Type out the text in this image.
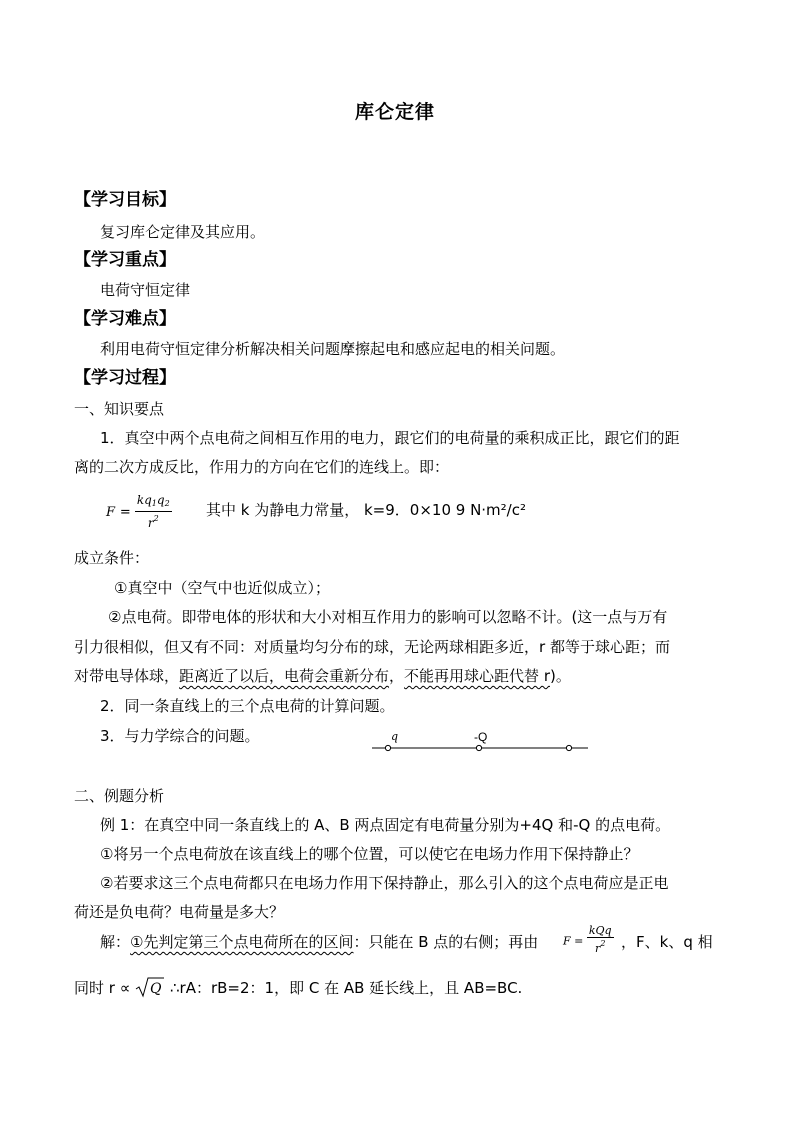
库仑定律
【学习目标】
复习库仑定律及其应用。
【学习重点】
电荷守恒定律
【学习难点】
利用电荷守恒定律分析解决相关问题摩擦起电和感应起电的相关问题。
【学习过程】
一、知识要点
1．真空中两个点电荷之间相互作用的电力，跟它们的电荷量的乘积成正比，跟它们的距
离的二次方成反比，作用力的方向在它们的连线上。即：
$F = \frac{kq_1q_2}{r^2}$ 其中 k 为静电力常量， k=9．0×10 9 N·m²/c²
成立条件：
①真空中（空气中也近似成立）；
②点电荷。即带电体的形状和大小对相互作用力的影响可以忽略不计。(这一点与万有
引力很相似，但又有不同：对质量均匀分布的球，无论两球相距多近，r 都等于球心距；而
对带电导体球，距离近了以后，电荷会重新分布，不能再用球心距代替 r)。
2．同一条直线上的三个点电荷的计算问题。
3．与力学综合的问题。	q	-Q
二、例题分析
例 1：在真空中同一条直线上的 A、B 两点固定有电荷量分别为+4Q 和-Q 的点电荷。
①将另一个点电荷放在该直线上的哪个位置，可以使它在电场力作用下保持静止？
②若要求这三个点电荷都只在电场力作用下保持静止，那么引入的这个点电荷应是正电
荷还是负电荷？电荷量是多大？
解：①先判定第三个点电荷所在的区间：只能在 B 点的右侧；再由 $F = \frac{\text{kQq}}{r^2}$ ，F、k、q 相
同时 r ∝ Q ∴rA：rB=2：1，即 C 在 AB 延长线上，且 AB=BC.
